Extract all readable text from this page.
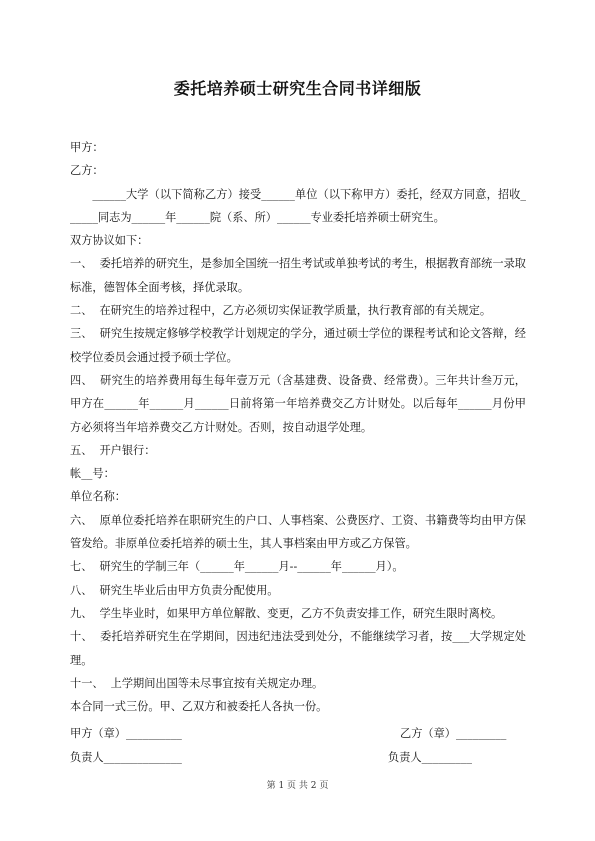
委托培养硕士研究生合同书详细版

甲方：

乙方：

______大学（以下简称乙方）接受______单位（以下称甲方）委托，经双方同意，招收______同志为______年______院（系、所）______专业委托培养硕士研究生。

双方协议如下：

一、  委托培养的研究生，是参加全国统一招生考试或单独考试的考生，根据教育部统一录取标准，德智体全面考核，择优录取。

二、  在研究生的培养过程中，乙方必须切实保证教学质量，执行教育部的有关规定。

三、  研究生按规定修够学校教学计划规定的学分，通过硕士学位的课程考试和论文答辩，经校学位委员会通过授予硕士学位。

四、  研究生的培养费用每生每年壹万元（含基建费、设备费、经常费）。三年共计叁万元，甲方在______年______月______日前将第一年培养费交乙方计财处。以后每年______月份甲方必须将当年培养费交乙方计财处。否则，按自动退学处理。

五、  开户银行：

帐__号：

单位名称：

六、  原单位委托培养在职研究生的户口、人事档案、公费医疗、工资、书籍费等均由甲方保管发给。非原单位委托培养的硕士生，其人事档案由甲方或乙方保管。

七、  研究生的学制三年（______年______月--______年______月）。

八、  研究生毕业后由甲方负责分配使用。

九、  学生毕业时，如果甲方单位解散、变更，乙方不负责安排工作，研究生限时离校。

十、  委托培养研究生在学期间，因违纪违法受到处分，不能继续学习者，按___大学规定处理。

十一、  上学期间出国等未尽事宜按有关规定办理。

本合同一式三份。甲、乙双方和被委托人各执一份。

甲方（章）__________	乙方（章）_________
负责人______________	负责人_________
第 1 页 共 2 页
